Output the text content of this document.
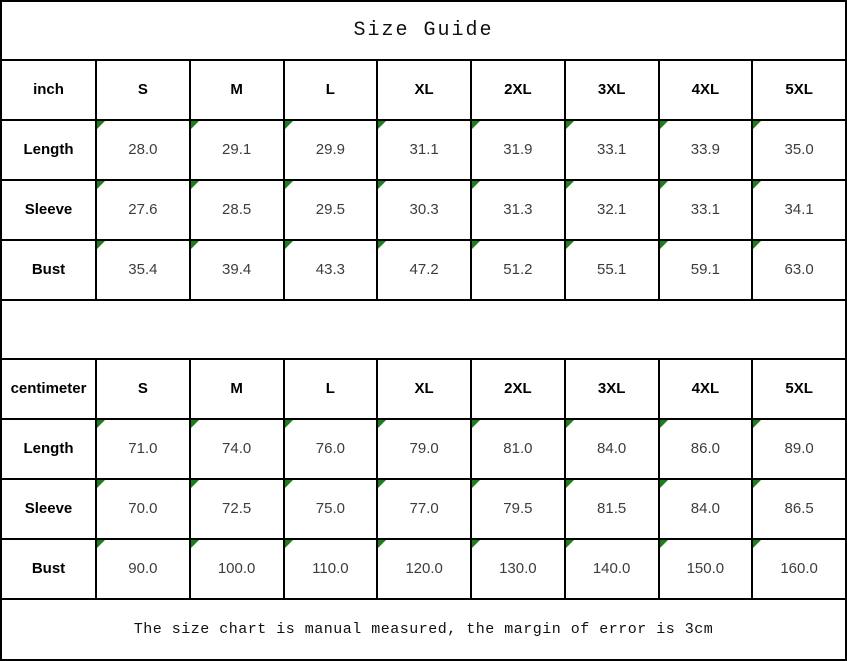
Size Guide								
inch	S	M	L	XL	2XL	3XL	4XL	5XL
Length	28.0	29.1	29.9	31.1	31.9	33.1	33.9	35.0
Sleeve	27.6	28.5	29.5	30.3	31.3	32.1	33.1	34.1
Bust	35.4	39.4	43.3	47.2	51.2	55.1	59.1	63.0

centimeter	S	M	L	XL	2XL	3XL	4XL	5XL
Length	71.0	74.0	76.0	79.0	81.0	84.0	86.0	89.0
Sleeve	70.0	72.5	75.0	77.0	79.5	81.5	84.0	86.5
Bust	90.0	100.0	110.0	120.0	130.0	140.0	150.0	160.0
The size chart is manual measured, the margin of error is 3cm								
